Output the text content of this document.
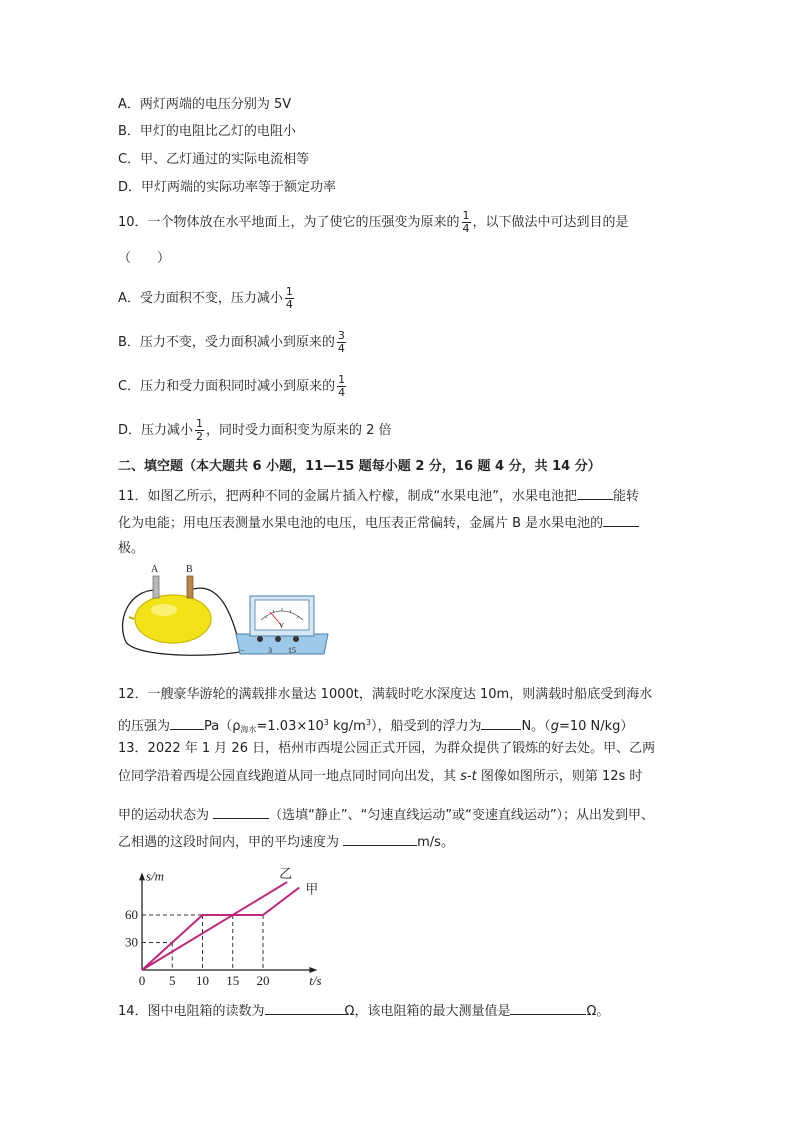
A．两灯两端的电压分别为 5V
B．甲灯的电阻比乙灯的电阻小
C．甲、乙灯通过的实际电流相等
D．甲灯两端的实际功率等于额定功率
10．一个物体放在水平地面上，为了使它的压强变为原来的 $\frac{1}{4}$ ，以下做法中可达到目的是
（　　）
A．受力面积不变，压力减小 $\frac{1}{4}$
B．压力不变，受力面积减小到原来的 $\frac{3}{4}$
C．压力和受力面积同时减小到原来的 $\frac{1}{4}$
D．压力减小 $\frac{1}{2}$ ，同时受力面积变为原来的 2 倍
二、填空题（本大题共 6 小题，11—15 题每小题 2 分，16 题 4 分，共 14 分）
11．如图乙所示，把两种不同的金属片插入柠檬，制成“水果电池”，水果电池把	能转
化为电能；用电压表测量水果电池的电压，电压表正常偏转，金属片 B 是水果电池的
极。
A	B
V
−	3 15
12．一艘豪华游轮的满载排水量达 1000t，满载时吃水深度达 10m，则满载时船底受到海水
的压强为	$Pa(\rho_{海水}=1.03\times 10^3$ $kg/m^3$），船受到的浮力为	N。（g=10 N/kg）
13．2022 年 1 月 26 日，梧州市西堤公园正式开园，为群众提供了锻炼的好去处。甲、乙两
位同学沿着西堤公园直线跑道从同一地点同时同向出发，其 s-t 图像如图所示，则第 12s 时
甲的运动状态为	（选填“静止”、“匀速直线运动”或“变速直线运动”）；从出发到甲、
乙相遇的这段时间内，甲的平均速度为	m/s。
甲
乙
0 5 10 15 20
30
60
t/s
s/m
14．图中电阻箱的读数为	Ω，该电阻箱的最大测量值是	Ω。
